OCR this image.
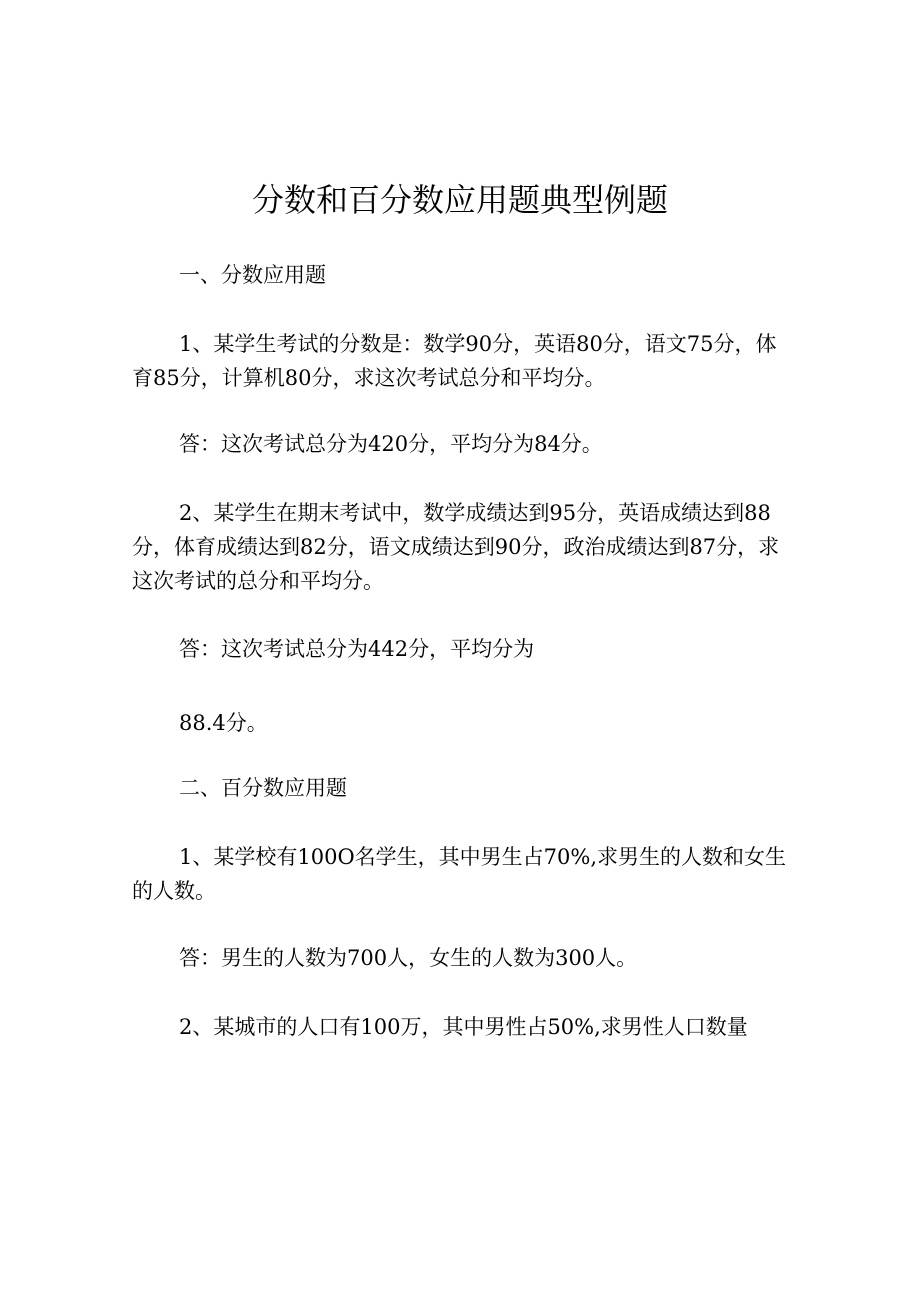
分数和百分数应用题典型例题

一、分数应用题

1、某学生考试的分数是：数学90分，英语80分，语文75分，体育85分，计算机80分，求这次考试总分和平均分。

答：这次考试总分为420分，平均分为84分。

2、某学生在期末考试中，数学成绩达到95分，英语成绩达到88分，体育成绩达到82分，语文成绩达到90分，政治成绩达到87分，求这次考试的总分和平均分。

答：这次考试总分为442分，平均分为

88.4分。

二、百分数应用题

1、某学校有100O名学生，其中男生占70%,求男生的人数和女生的人数。

答：男生的人数为700人，女生的人数为300人。

2、某城市的人口有100万，其中男性占50%,求男性人口数量
